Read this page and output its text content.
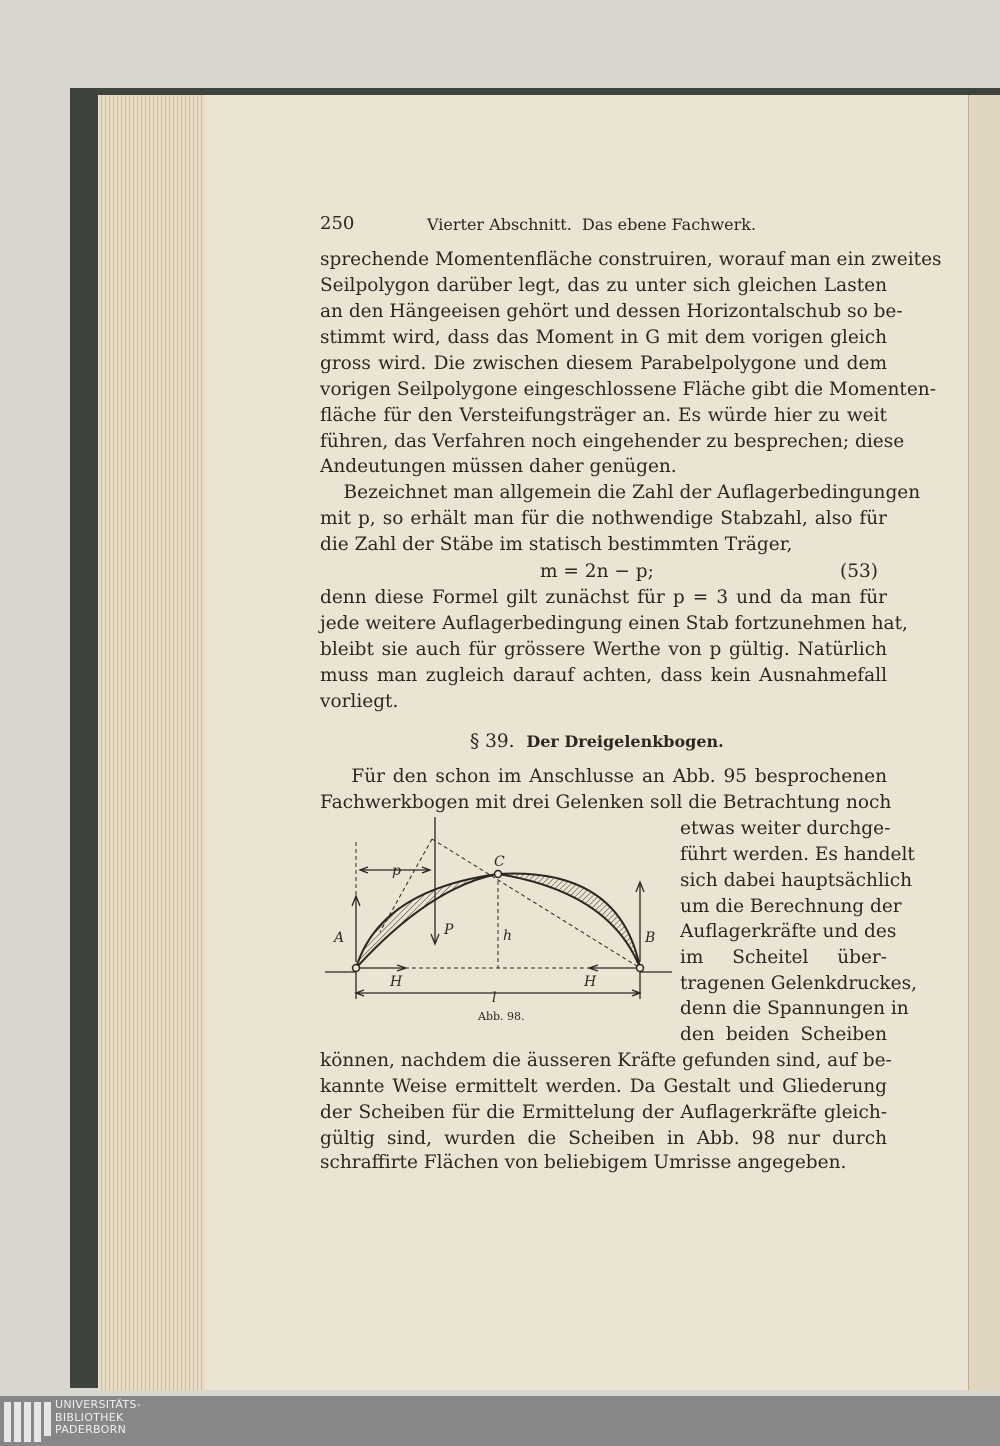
250	Vierter Abschnitt.  Das ebene Fachwerk.
sprechende Momentenfläche construiren, worauf man ein zweites
Seilpolygon darüber legt, das zu unter sich gleichen Lasten
an den Hängeeisen gehört und dessen Horizontalschub so be-
stimmt wird, dass das Moment in G mit dem vorigen gleich
gross wird. Die zwischen diesem Parabelpolygone und dem
vorigen Seilpolygone eingeschlossene Fläche gibt die Momenten-
fläche für den Versteifungsträger an. Es würde hier zu weit
führen, das Verfahren noch eingehender zu besprechen; diese
Andeutungen müssen daher genügen.
Bezeichnet man allgemein die Zahl der Auflagerbedingungen
mit p, so erhält man für die nothwendige Stabzahl, also für
die Zahl der Stäbe im statisch bestimmten Träger,
denn diese Formel gilt zunächst für p = 3 und da man für
jede weitere Auflagerbedingung einen Stab fortzunehmen hat,
bleibt sie auch für grössere Werthe von p gültig. Natürlich
muss man zugleich darauf achten, dass kein Ausnahmefall
vorliegt.
Für den schon im Anschlusse an Abb. 95 besprochenen
Fachwerkbogen mit drei Gelenken soll die Betrachtung noch
etwas weiter durchge-
führt werden. Es handelt
sich dabei hauptsächlich
um die Berechnung der
Auflagerkräfte und des
im Scheitel über-
tragenen Gelenkdruckes,
denn die Spannungen in
den beiden Scheiben
können, nachdem die äusseren Kräfte gefunden sind, auf be-
kannte Weise ermittelt werden. Da Gestalt und Gliederung
der Scheiben für die Ermittelung der Auflagerkräfte gleich-
gültig sind, wurden die Scheiben in Abb. 98 nur durch
schraffirte Flächen von beliebigem Umrisse angegeben.
m = 2n − p;	(53)
§ 39. Der Dreigelenkbogen.
p
C
P	h
A	B
H	H
l
Abb. 98.
UNIVERSITÄTS-
BIBLIOTHEK
PADERBORN
